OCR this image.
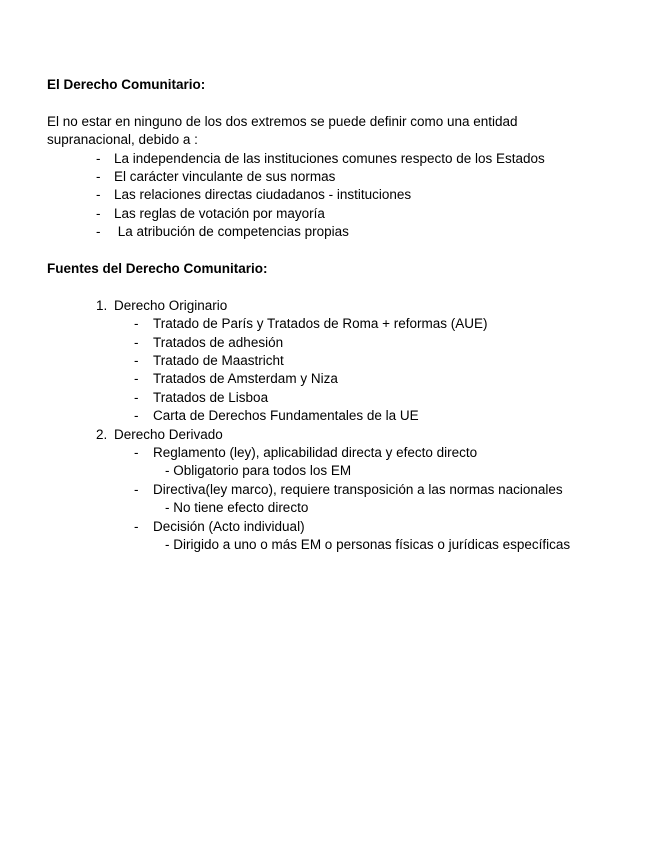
El Derecho Comunitario:
El no estar en ninguno de los dos extremos se puede definir como una entidad
supranacional, debido a :
- La independencia de las instituciones comunes respecto de los Estados
- El carácter vinculante de sus normas
- Las relaciones directas ciudadanos - instituciones
- Las reglas de votación por mayoría
- La atribución de competencias propias
Fuentes del Derecho Comunitario:
1. Derecho Originario
- Tratado de París y Tratados de Roma + reformas (AUE)
- Tratados de adhesión
- Tratado de Maastricht
- Tratados de Amsterdam y Niza
- Tratados de Lisboa
- Carta de Derechos Fundamentales de la UE
2. Derecho Derivado
- Reglamento (ley), aplicabilidad directa y efecto directo
- Obligatorio para todos los EM
- Directiva(ley marco), requiere transposición a las normas nacionales
- No tiene efecto directo
- Decisión (Acto individual)
- Dirigido a uno o más EM o personas físicas o jurídicas específicas
